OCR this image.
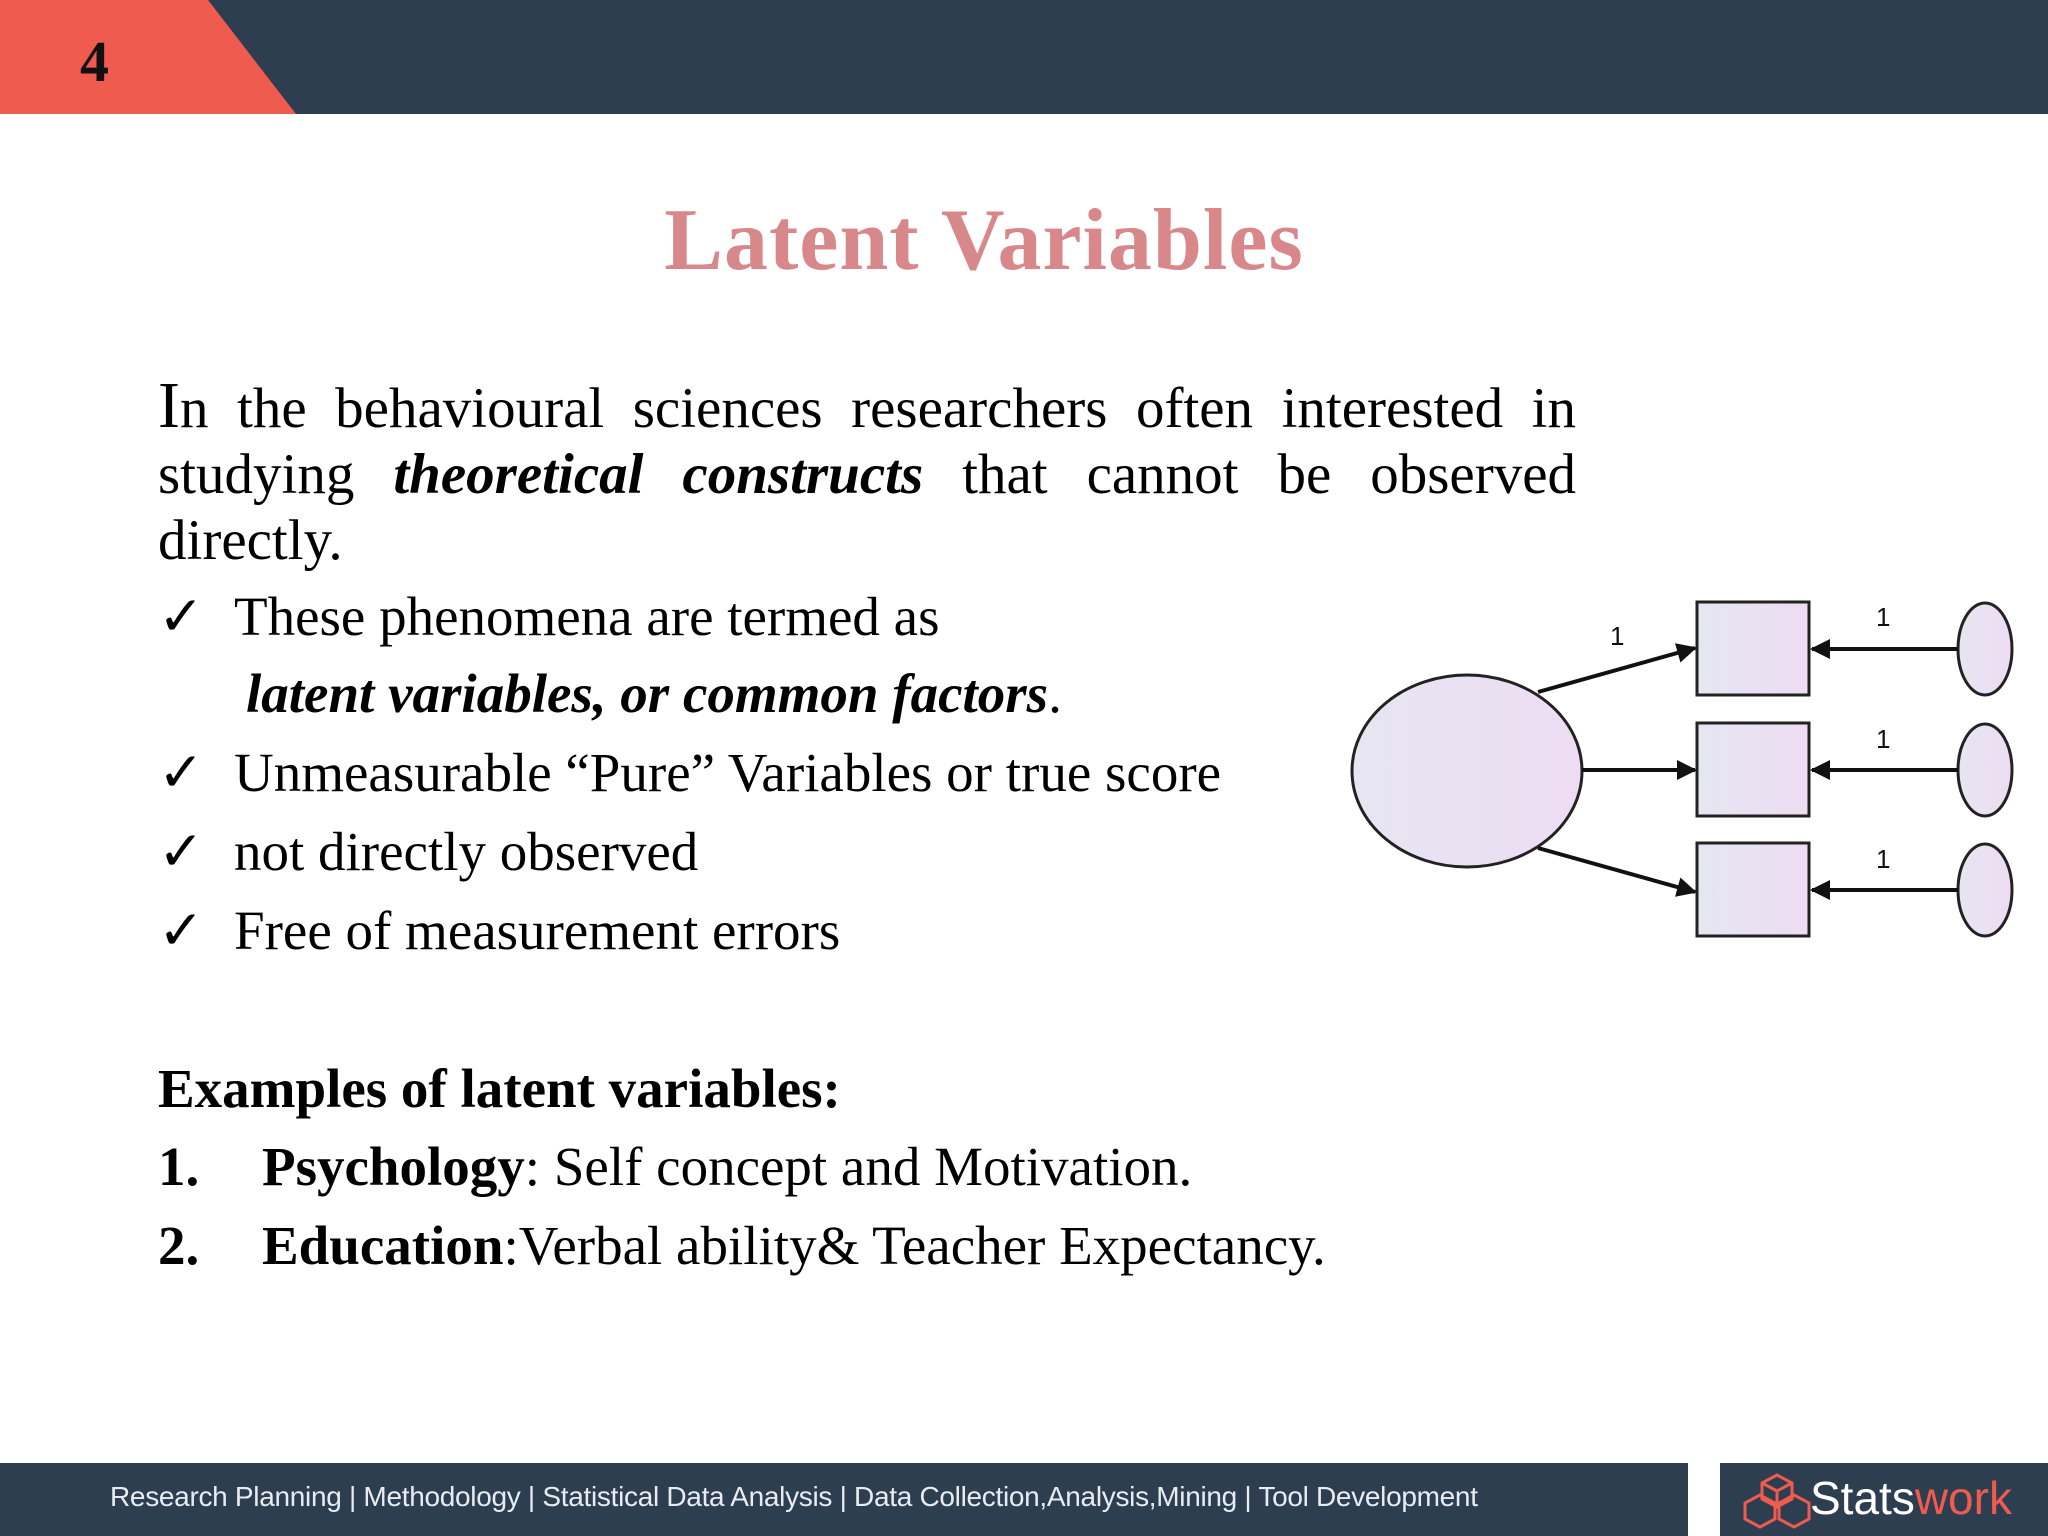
4
Latent Variables
In the behavioural sciences researchers often interested in studying theoretical constructs that cannot be observed directly.
✓ These phenomena are termed as
latent variables, or common factors.
✓ Unmeasurable “Pure” Variables or true score
✓ not directly observed
✓ Free of measurement errors
Examples of latent variables:
1. Psychology: Self concept and Motivation.
2. Education:Verbal ability& Teacher Expectancy.
1
1
1
1
Research Planning | Methodology | Statistical Data Analysis | Data Collection,Analysis,Mining | Tool Development	Statswork
